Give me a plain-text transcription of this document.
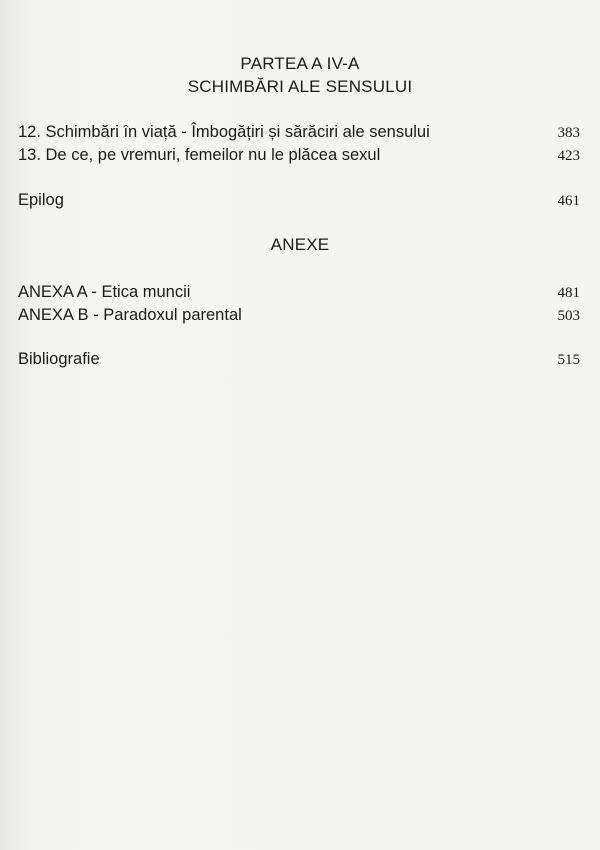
PARTEA A IV-A
SCHIMBĂRI ALE SENSULUI
12. Schimbări în viață - Îmbogățiri și sărăciri ale sensului	383
13. De ce, pe vremuri, femeilor nu le plăcea sexul	423
Epilog	461
ANEXE
ANEXA A - Etica muncii	481
ANEXA B - Paradoxul parental	503
Bibliografie	515
